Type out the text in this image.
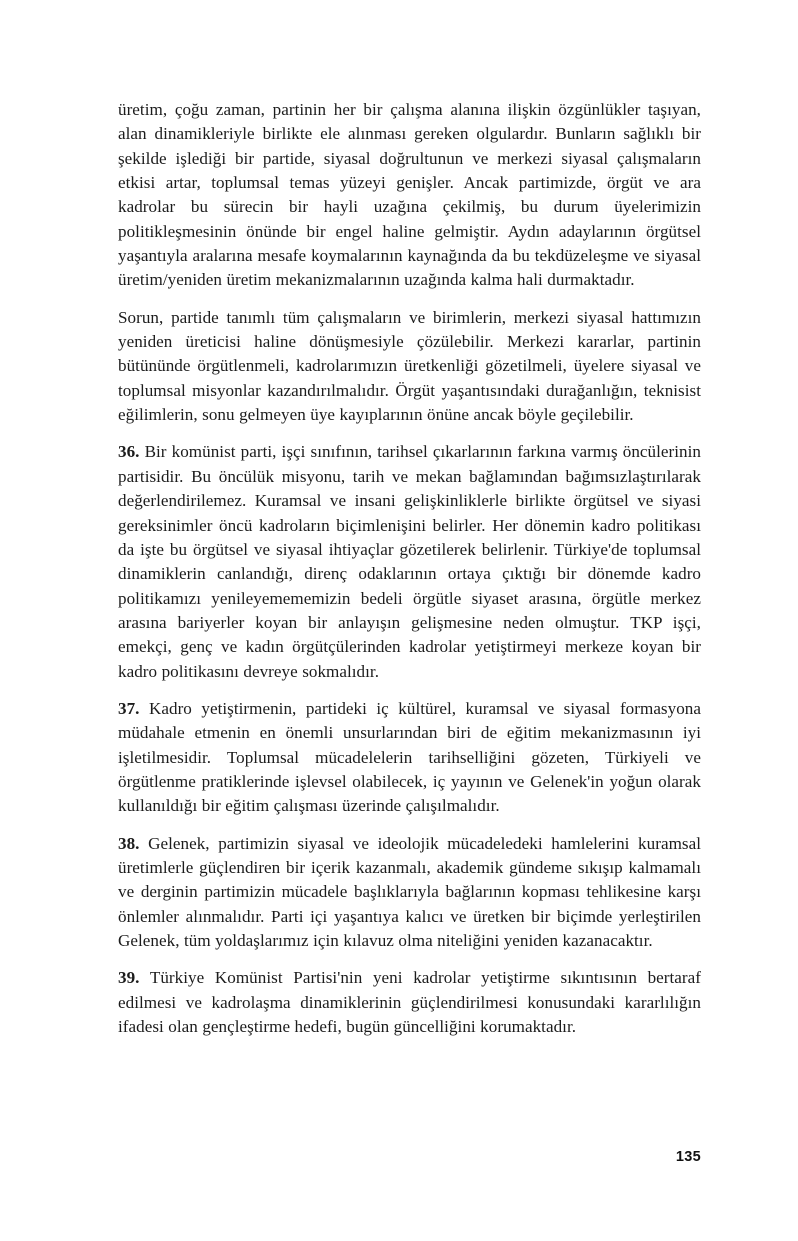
üretim, çoğu zaman, partinin her bir çalışma alanına ilişkin özgünlükler taşıyan, alan dinamikleriyle birlikte ele alınması gereken olgulardır. Bunların sağlıklı bir şekilde işlediği bir partide, siyasal doğrultunun ve merkezi siyasal çalışmaların etkisi artar, toplumsal temas yüzeyi genişler. Ancak partimizde, örgüt ve ara kadrolar bu sürecin bir hayli uzağına çekilmiş, bu durum üyelerimizin politikleşmesinin önünde bir engel haline gelmiştir. Aydın adaylarının örgütsel yaşantıyla aralarına mesafe koymalarının kaynağında da bu tekdüzeleşme ve siyasal üretim/yeniden üretim mekanizmalarının uzağında kalma hali durmaktadır.

Sorun, partide tanımlı tüm çalışmaların ve birimlerin, merkezi siyasal hattımızın yeniden üreticisi haline dönüşmesiyle çözülebilir. Merkezi kararlar, partinin bütününde örgütlenmeli, kadrolarımızın üretkenliği gözetilmeli, üyelere siyasal ve toplumsal misyonlar kazandırılmalıdır. Örgüt yaşantısındaki durağanlığın, teknisist eğilimlerin, sonu gelmeyen üye kayıplarının önüne ancak böyle geçilebilir.

36. Bir komünist parti, işçi sınıfının, tarihsel çıkarlarının farkına varmış öncülerinin partisidir. Bu öncülük misyonu, tarih ve mekan bağlamından bağımsızlaştırılarak değerlendirilemez. Kuramsal ve insani gelişkinliklerle birlikte örgütsel ve siyasi gereksinimler öncü kadroların biçimlenişini belirler. Her dönemin kadro politikası da işte bu örgütsel ve siyasal ihtiyaçlar gözetilerek belirlenir. Türkiye'de toplumsal dinamiklerin canlandığı, direnç odaklarının ortaya çıktığı bir dönemde kadro politikamızı yenileyemememizin bedeli örgütle siyaset arasına, örgütle merkez arasına bariyerler koyan bir anlayışın gelişmesine neden olmuştur. TKP işçi, emekçi, genç ve kadın örgütçülerinden kadrolar yetiştirmeyi merkeze koyan bir kadro politikasını devreye sokmalıdır.

37. Kadro yetiştirmenin, partideki iç kültürel, kuramsal ve siyasal formasyona müdahale etmenin en önemli unsurlarından biri de eğitim mekanizmasının iyi işletilmesidir. Toplumsal mücadelelerin tarihselliğini gözeten, Türkiyeli ve örgütlenme pratiklerinde işlevsel olabilecek, iç yayının ve Gelenek'in yoğun olarak kullanıldığı bir eğitim çalışması üzerinde çalışılmalıdır.

38. Gelenek, partimizin siyasal ve ideolojik mücadeledeki hamlelerini kuramsal üretimlerle güçlendiren bir içerik kazanmalı, akademik gündeme sıkışıp kalmamalı ve derginin partimizin mücadele başlıklarıyla bağlarının kopması tehlikesine karşı önlemler alınmalıdır. Parti içi yaşantıya kalıcı ve üretken bir biçimde yerleştirilen Gelenek, tüm yoldaşlarımız için kılavuz olma niteliğini yeniden kazanacaktır.

39. Türkiye Komünist Partisi'nin yeni kadrolar yetiştirme sıkıntısının bertaraf edilmesi ve kadrolaşma dinamiklerinin güçlendirilmesi konusundaki kararlılığın ifadesi olan gençleştirme hedefi, bugün güncelliğini korumaktadır.

135
